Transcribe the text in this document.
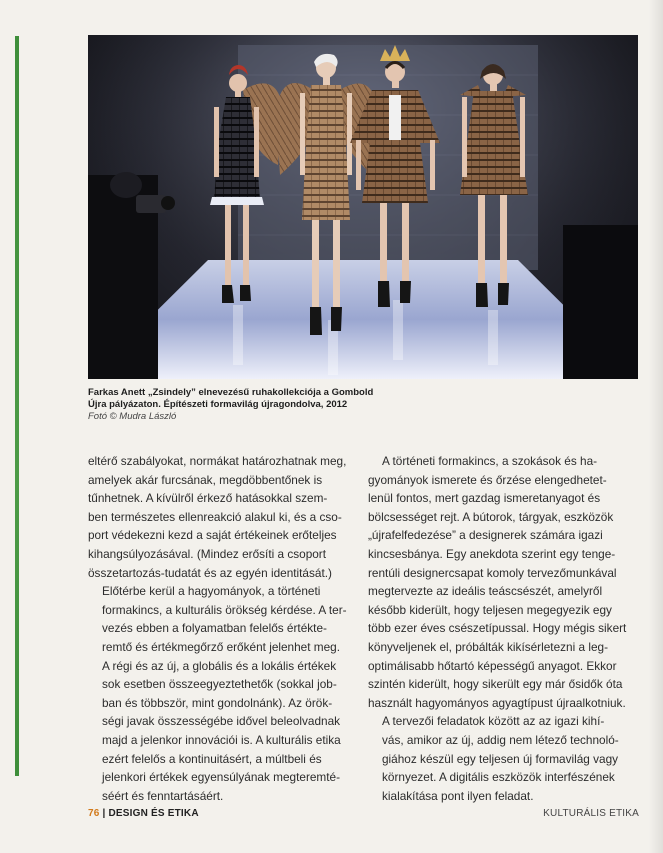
Farkas Anett „Zsindely” elnevezésű ruhakollekciója a Gombold
Újra pályázaton. Építészeti formavilág újragondolva, 2012
Fotó © Mudra László

eltérő szabályokat, normákat határozhatnak meg,
amelyek akár furcsának, megdöbbentőnek is
tűnhetnek. A kívülről érkező hatásokkal szem-
ben természetes ellenreakció alakul ki, és a cso-
port védekezni kezd a saját értékeinek erőteljes
kihangsúlyozásával. (Mindez erősíti a csoport
összetartozás-tudatát és az egyén identitását.)

Előtérbe kerül a hagyományok, a történeti
formakincs, a kulturális örökség kérdése. A ter-
vezés ebben a folyamatban felelős értékte-
remtő és értékmegőrző erőként jelenhet meg.
A régi és az új, a globális és a lokális értékek
sok esetben összeegyeztethetők (sokkal job-
ban és többször, mint gondolnánk). Az örök-
ségi javak összességébe idővel beleolvadnak
majd a jelenkor innovációi is. A kulturális etika
ezért felelős a kontinuitásért, a múltbeli és
jelenkori értékek egyensúlyának megteremté-
séért és fenntartásáért.

A történeti formakincs, a szokások és ha-
gyományok ismerete és őrzése elengedhetet-
lenül fontos, mert gazdag ismeretanyagot és
bölcsességet rejt. A bútorok, tárgyak, eszközök
„újrafelfedezése” a designerek számára igazi
kincsesbányа. Egy anekdota szerint egy tenge-
rentúli designercsapat komoly tervezőmunkával
megtervezte az ideális teáscsészét, amelyről
később kiderült, hogy teljesen megegyezik egy
több ezer éves csészetípussal. Hogy mégis sikert
könyveljenek el, próbálták kikísérletezni a leg-
optimálisabb hőtartó képességű anyagot. Ekkor
szintén kiderült, hogy sikerült egy már ősidők óta
használt hagyományos agyagtípust újraalkotniuk.

A tervezői feladatok között az az igazi kihí-
vás, amikor az új, addig nem létező technoló-
giához készül egy teljesen új formavilág vagy
környezet. A digitális eszközök interfészének
kialakítása pont ilyen feladat.

76 | DESIGN ÉS ETIKA	KULTURÁLIS ETIKA
